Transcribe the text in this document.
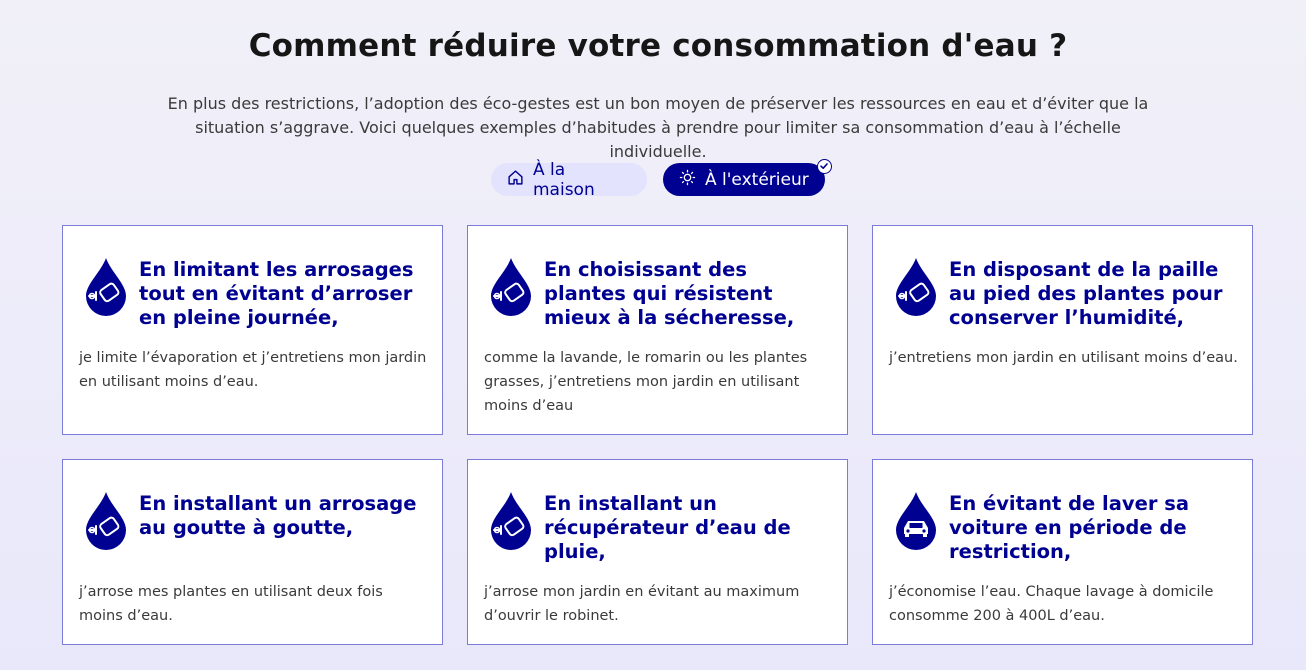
Comment réduire votre consommation d'eau ?

En plus des restrictions, l’adoption des éco-gestes est un bon moyen de préserver les ressources en eau et d’éviter que la situation s’aggrave. Voici quelques exemples d’habitudes à prendre pour limiter sa consommation d’eau à l’échelle individuelle.

À la maison	À l'extérieur
En limitant les arrosages tout en évitant d’arroser en pleine journée,
je limite l’évaporation et j’entretiens mon jardin en utilisant moins d’eau.
En choisissant des plantes qui résistent mieux à la sécheresse,
comme la lavande, le romarin ou les plantes grasses, j’entretiens mon jardin en utilisant moins d’eau
En disposant de la paille au pied des plantes pour conserver l’humidité,
j’entretiens mon jardin en utilisant moins d’eau.
En installant un arrosage au goutte à goutte,
j’arrose mes plantes en utilisant deux fois moins d’eau.
En installant un récupérateur d’eau de pluie,
j’arrose mon jardin en évitant au maximum d’ouvrir le robinet.
En évitant de laver sa voiture en période de restriction,
j’économise l’eau. Chaque lavage à domicile consomme 200 à 400L d’eau.
